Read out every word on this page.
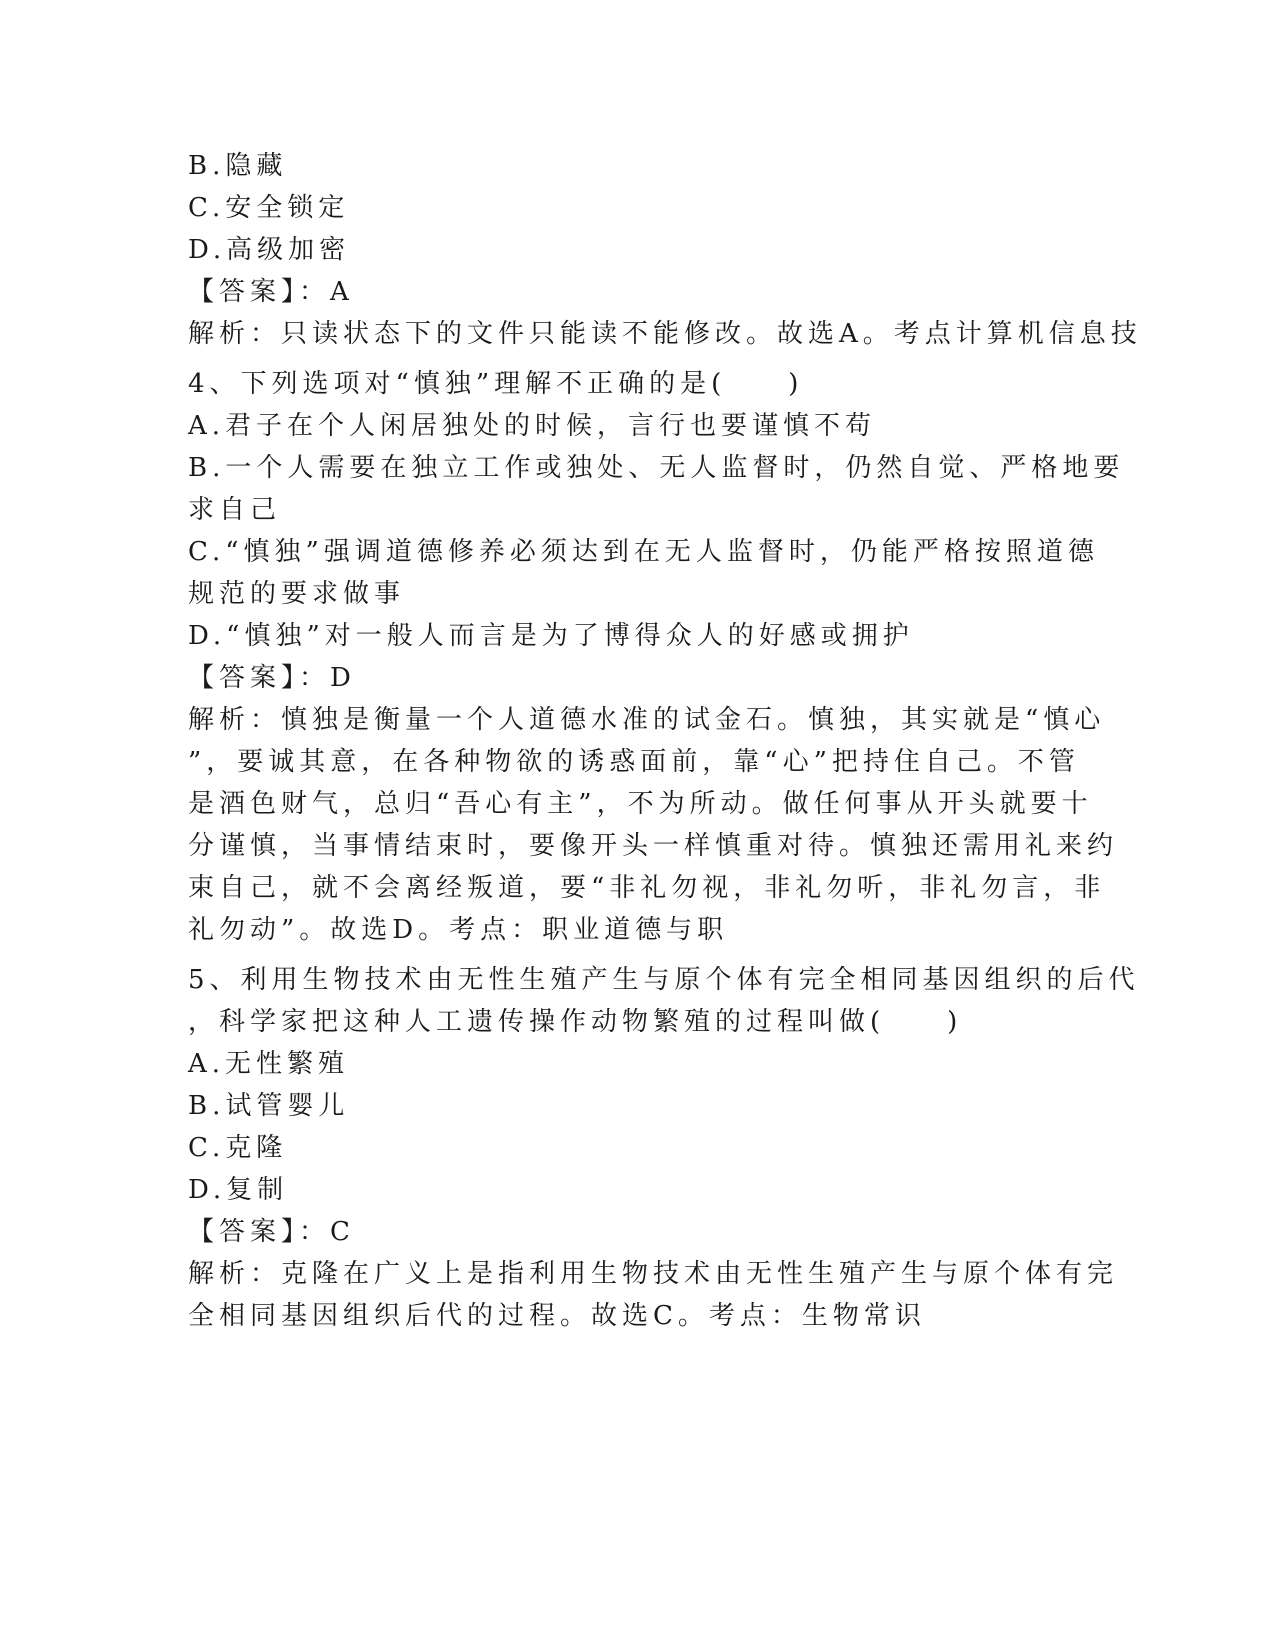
B.隐藏
C.安全锁定
D.高级加密
【答案】：A
解析：只读状态下的文件只能读不能修改。故选A。考点计算机信息技
4、下列选项对“慎独”理解不正确的是(　　)
A.君子在个人闲居独处的时候，言行也要谨慎不苟
B.一个人需要在独立工作或独处、无人监督时，仍然自觉、严格地要
求自己
C.“慎独”强调道德修养必须达到在无人监督时，仍能严格按照道德
规范的要求做事
D.“慎独”对一般人而言是为了博得众人的好感或拥护
【答案】：D
解析：慎独是衡量一个人道德水准的试金石。慎独，其实就是“慎心
”，要诚其意，在各种物欲的诱惑面前，靠“心”把持住自己。不管
是酒色财气，总归“吾心有主”，不为所动。做任何事从开头就要十
分谨慎，当事情结束时，要像开头一样慎重对待。慎独还需用礼来约
束自己，就不会离经叛道，要“非礼勿视，非礼勿听，非礼勿言，非
礼勿动”。故选D。考点：职业道德与职
5、利用生物技术由无性生殖产生与原个体有完全相同基因组织的后代
，科学家把这种人工遗传操作动物繁殖的过程叫做(　　)
A.无性繁殖
B.试管婴儿
C.克隆
D.复制
【答案】：C
解析：克隆在广义上是指利用生物技术由无性生殖产生与原个体有完
全相同基因组织后代的过程。故选C。考点：生物常识
